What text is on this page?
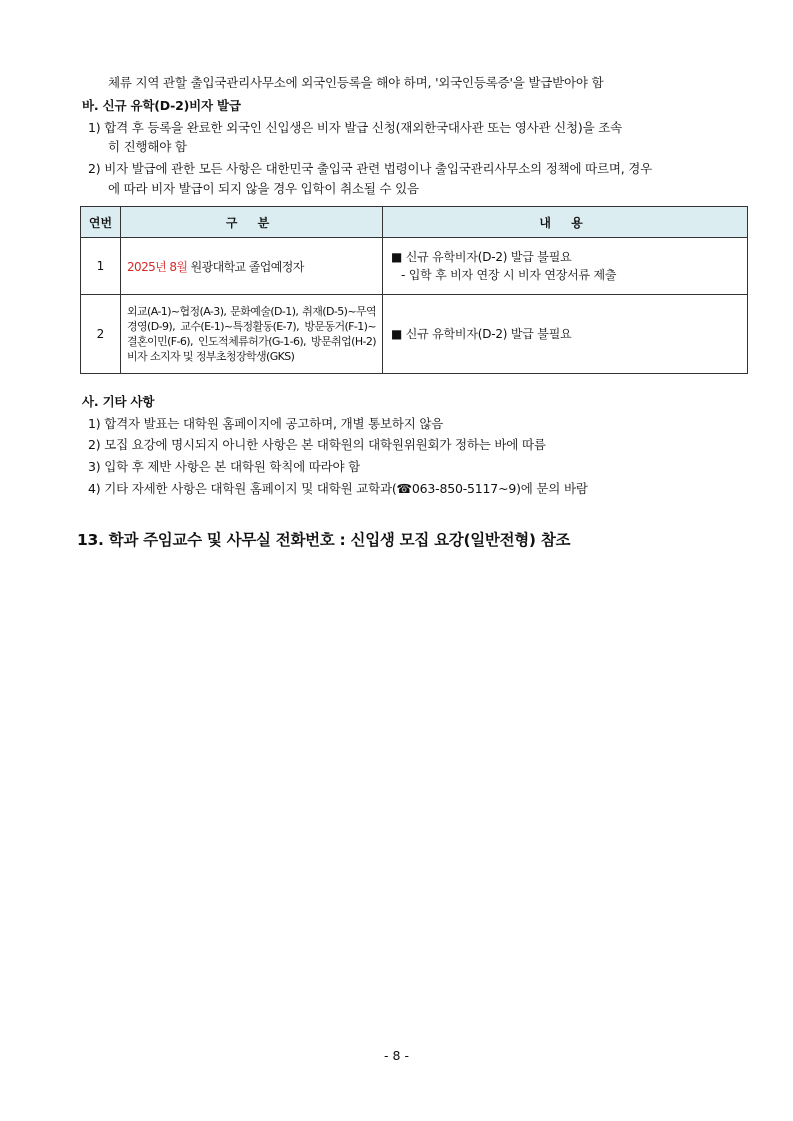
체류 지역 관할 출입국관리사무소에 외국인등록을 해야 하며, '외국인등록증'을 발급받아야 함
바. 신규 유학(D-2)비자 발급
1) 합격 후 등록을 완료한 외국인 신입생은 비자 발급 신청(재외한국대사관 또는 영사관 신청)을 조속
히 진행해야 함
2) 비자 발급에 관한 모든 사항은 대한민국 출입국 관련 법령이나 출입국관리사무소의 정책에 따르며, 경우
에 따라 비자 발급이 되지 않을 경우 입학이 취소될 수 있음
연번	구 분	내 용
1	2025년 8월 원광대학교 졸업예정자	■ 신규 유학비자(D-2) 발급 불필요
- 입학 후 비자 연장 시 비자 연장서류 제출

2	외교(A-1)~협정(A-3), 문화예술(D-1), 취재(D-5)~무역경영(D-9), 교수(E-1)~특정활동(E-7), 방문동거(F-1)~결혼이민(F-6), 인도적체류허가(G-1-6), 방문취업(H-2) 비자 소지자 및 정부초청장학생(GKS)	■ 신규 유학비자(D-2) 발급 불필요
사. 기타 사항
1) 합격자 발표는 대학원 홈페이지에 공고하며, 개별 통보하지 않음
2) 모집 요강에 명시되지 아니한 사항은 본 대학원의 대학원위원회가 정하는 바에 따름
3) 입학 후 제반 사항은 본 대학원 학칙에 따라야 함
4) 기타 자세한 사항은 대학원 홈페이지 및 대학원 교학과(☎063-850-5117~9)에 문의 바람
13. 학과 주임교수 및 사무실 전화번호 : 신입생 모집 요강(일반전형) 참조
- 8 -
